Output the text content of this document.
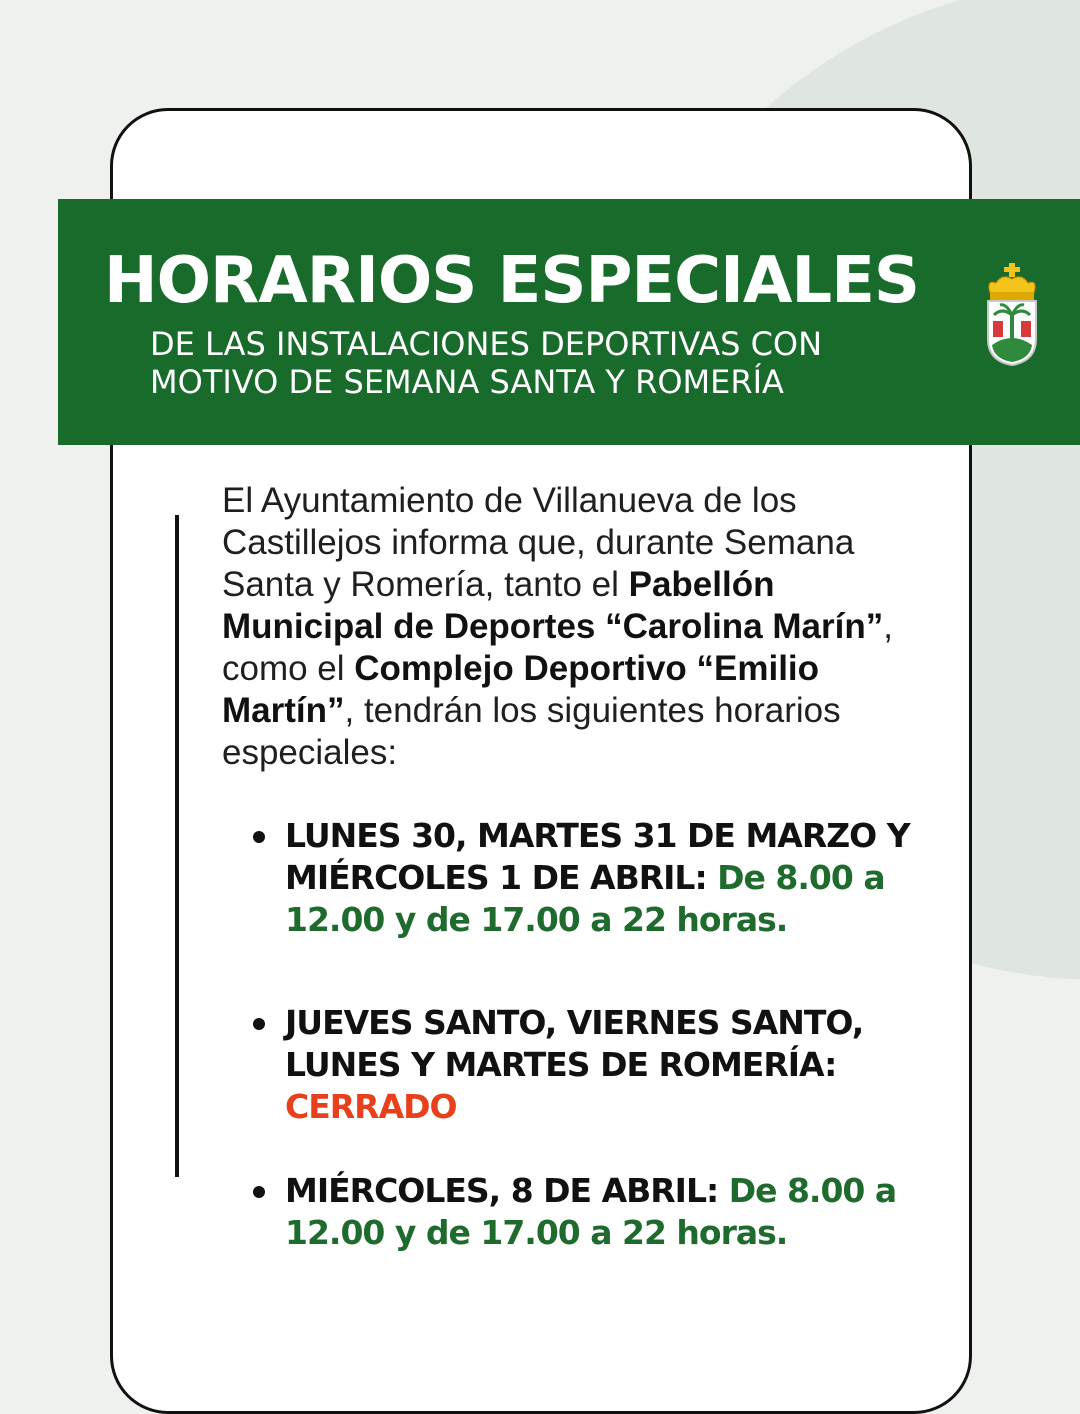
HORARIOS ESPECIALES

DE LAS INSTALACIONES DEPORTIVAS CON
MOTIVO DE SEMANA SANTA Y ROMERÍA

El Ayuntamiento de Villanueva de los Castillejos informa que, durante Semana Santa y Romería, tanto el Pabellón Municipal de Deportes “Carolina Marín”, como el Complejo Deportivo “Emilio Martín”, tendrán los siguientes horarios especiales:

LUNES 30, MARTES 31 DE MARZO Y MIÉRCOLES 1 DE ABRIL: De 8.00 a 12.00 y de 17.00 a 22 horas.

JUEVES SANTO, VIERNES SANTO, LUNES Y MARTES DE ROMERÍA:
CERRADO

MIÉRCOLES, 8 DE ABRIL: De 8.00 a 12.00 y de 17.00 a 22 horas.
